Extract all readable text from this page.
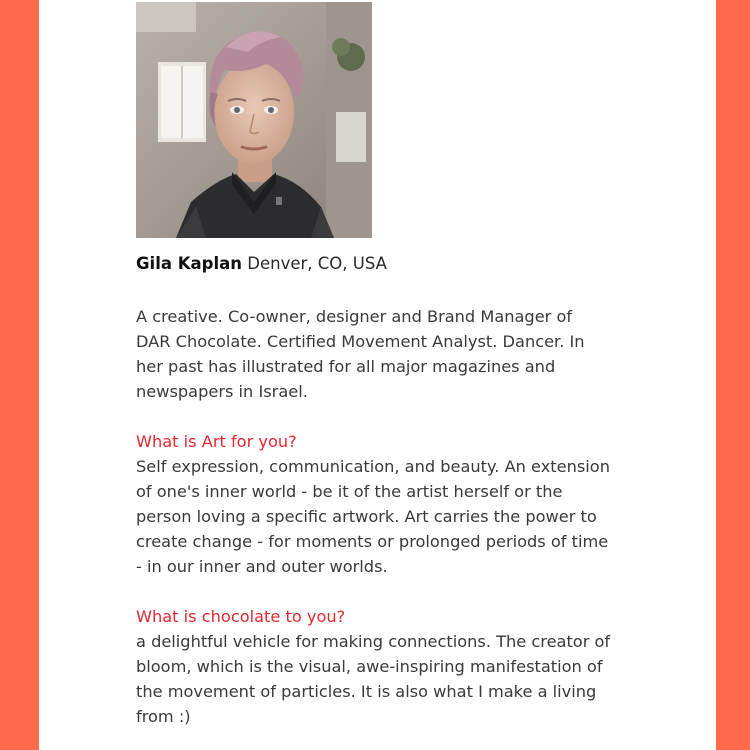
Gila Kaplan Denver, CO, USA

A creative. Co-owner, designer and Brand Manager of DAR Chocolate. Certified Movement Analyst. Dancer. In her past has illustrated for all major magazines and newspapers in Israel.

What is Art for you?

Self expression, communication, and beauty. An extension of one's inner world - be it of the artist herself or the person loving a specific artwork. Art carries the power to create change - for moments or prolonged periods of time - in our inner and outer worlds.

What is chocolate to you?

a delightful vehicle for making connections. The creator of bloom, which is the visual, awe-inspiring manifestation of the movement of particles. It is also what I make a living from :)
